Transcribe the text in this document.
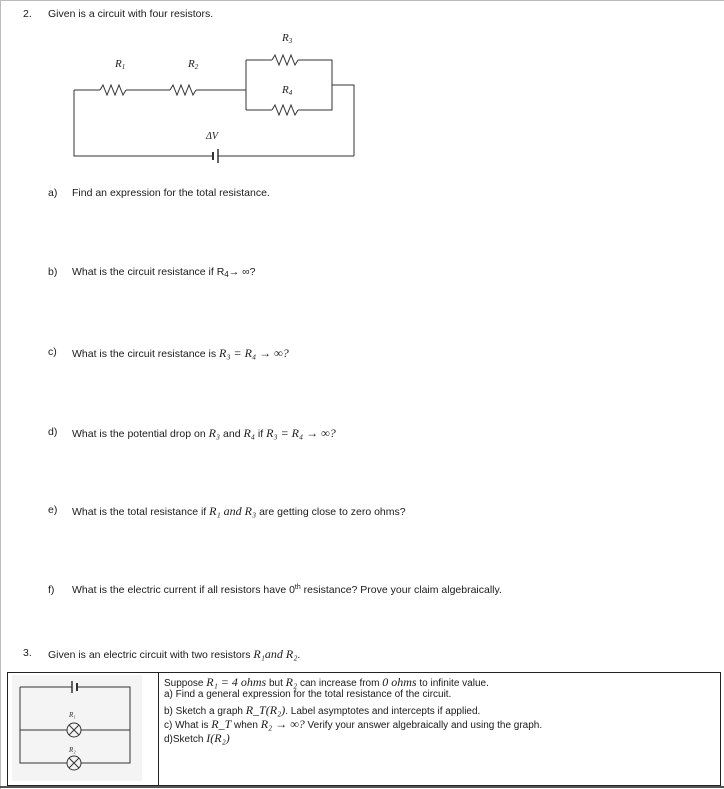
2. Given is a circuit with four resistors.
R1	R2
R3
R4
ΔV
a) Find an expression for the total resistance.
b) What is the circuit resistance if $R_4\to$ ∞?
c) What is the circuit resistance is R₃ = R₄ → ∞?
d) What is the potential drop on R₃ and R₄ if R₃ = R₄ → ∞?
e) What is the total resistance if R₁ and R₃ are getting close to zero ohms?
f) What is the electric current if all resistors have 0th resistance? Prove your claim algebraically.
3. Given is an electric circuit with two resistors R₁and R₂.
R₁
R₂
Suppose R₁ = 4 ohms but R₂ can increase from 0 ohms to infinite value.
a) Find a general expression for the total resistance of the circuit.
b) Sketch a graph R_T(R₂). Label asymptotes and intercepts if applied.
c) What is R_T when R₂ → ∞? Verify your answer algebraically and using the graph.
d)Sketch I(R₂)
